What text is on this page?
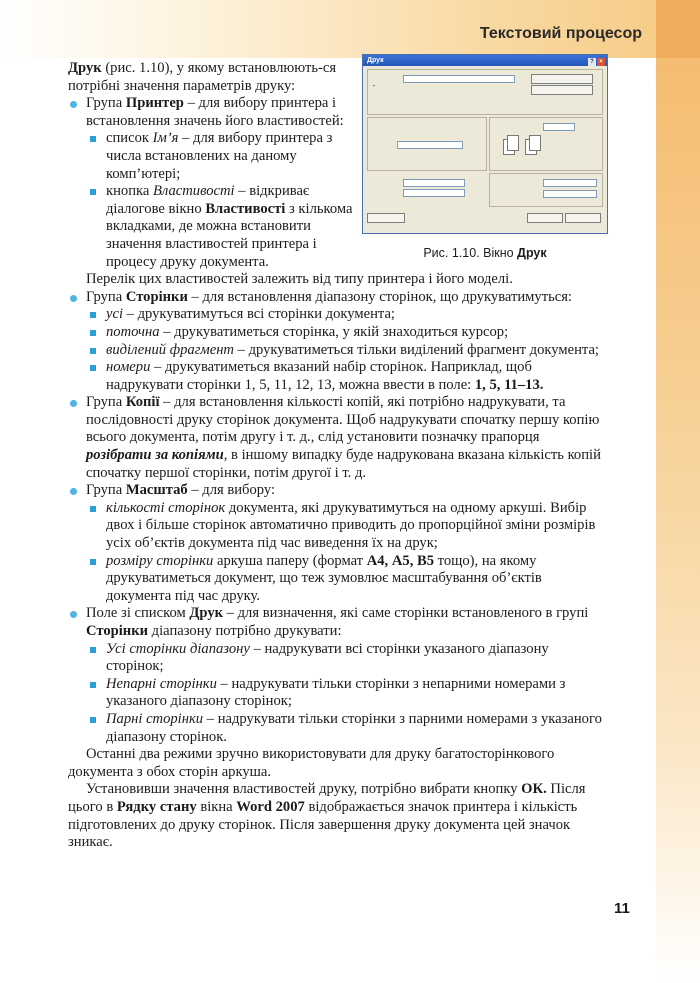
Текстовий процесор
Друк	? ×
▪
Рис. 1.10. Вікно Друк

Друк (рис. 1.10), у якому встановлюють-ся потрібні значення параметрів друку:

Група Принтер – для вибору принтера і встановлення значень його властивостей:

список Ім’я – для вибору принтера з числа встановлених на даному комп’ютері;

кнопка Властивості – відкриває діалогове вікно Властивості з кількома вкладками, де можна встановити значення властивостей принтера і процесу друку документа.

Перелік цих властивостей залежить від типу принтера і його моделі.

Група Сторінки – для встановлення діапазону сторінок, що друкуватимуться:

усі – друкуватимуться всі сторінки документа;

поточна – друкуватиметься сторінка, у якій знаходиться курсор;

виділений фрагмент – друкуватиметься тільки виділений фрагмент документа;

номери – друкуватиметься вказаний набір сторінок. Наприклад, щоб надрукувати сторінки 1, 5, 11, 12, 13, можна ввести в поле: 1, 5, 11–13.

Група Копії – для встановлення кількості копій, які потрібно надрукувати, та послідовності друку сторінок документа. Щоб надрукувати спочатку першу копію всього документа, потім другу і т. д., слід установити позначку прапорця розібрати за копіями, в іншому випадку буде надрукована вказана кількість копій спочатку першої сторінки, потім другої і т. д.

Група Масштаб – для вибору:

кількості сторінок документа, які друкуватимуться на одному аркуші. Вибір двох і більше сторінок автоматично приводить до пропорційної зміни розмірів усіх об’єктів документа під час виведення їх на друк;

розміру сторінки аркуша паперу (формат А4, А5, В5 тощо), на якому друкуватиметься документ, що теж зумовлює масштабування об’єктів документа під час друку.

Поле зі списком Друк – для визначення, які саме сторінки встановленого в групі Сторінки діапазону потрібно друкувати:

Усі сторінки діапазону – надрукувати всі сторінки указаного діапазону сторінок;

Непарні сторінки – надрукувати тільки сторінки з непарними номерами з указаного діапазону сторінок;

Парні сторінки – надрукувати тільки сторінки з парними номерами з указаного діапазону сторінок.

Останні два режими зручно використовувати для друку багатосторінкового документа з обох сторін аркуша.

Установивши значення властивостей друку, потрібно вибрати кнопку ОК. Після цього в Рядку стану вікна Word 2007 відображається значок принтера і кількість підготовлених до друку сторінок. Після завершення друку документа цей значок зникає.

11
